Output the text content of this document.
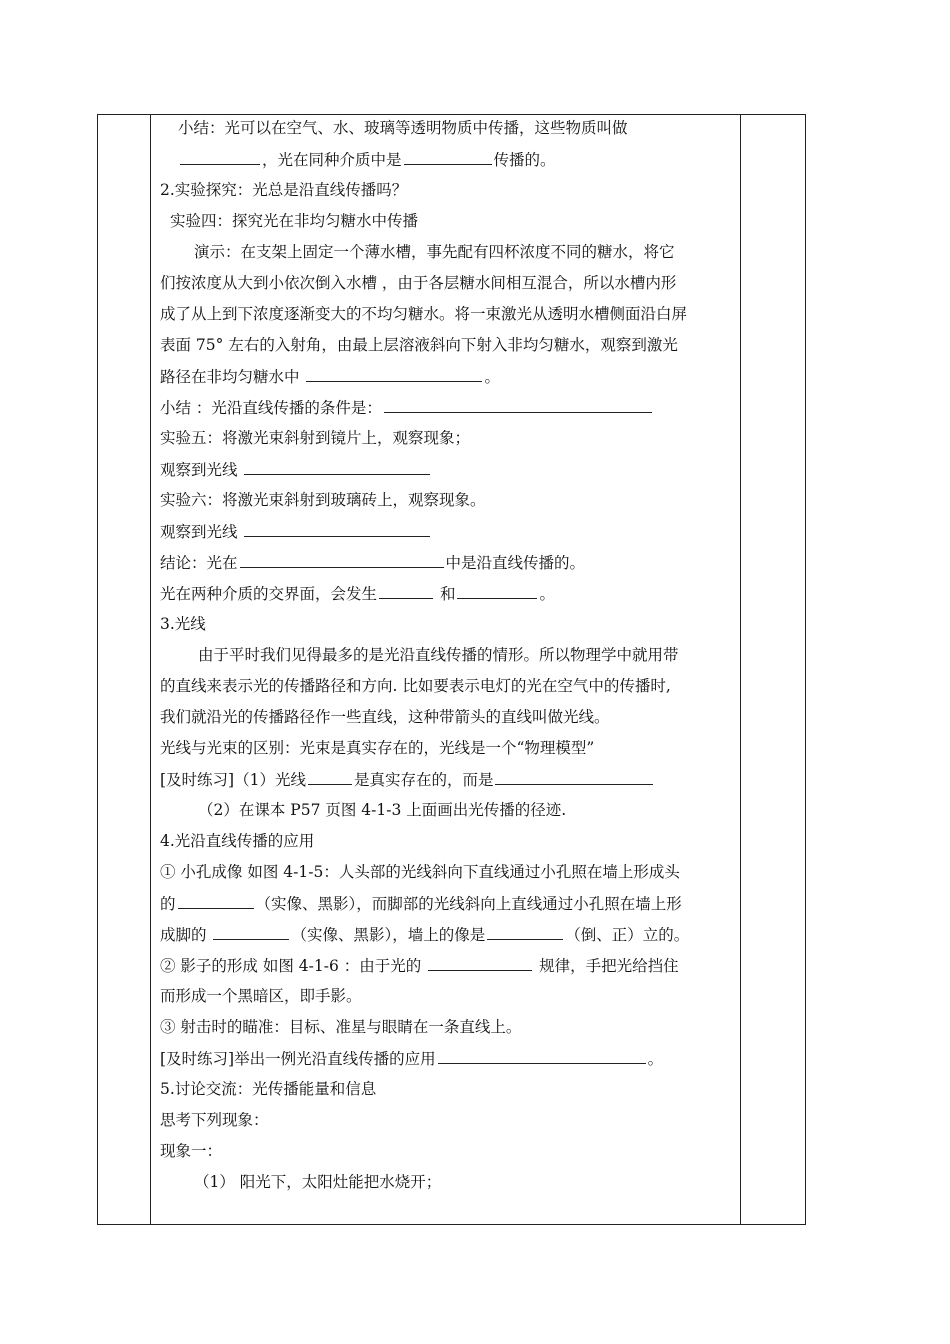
小结：光可以在空气、水、玻璃等透明物质中传播，这些物质叫做
，光在同种介质中是	传播的。
2.实验探究：光总是沿直线传播吗？
实验四：探究光在非均匀糖水中传播
演示：在支架上固定一个薄水槽，事先配有四杯浓度不同的糖水，将它
们按浓度从大到小依次倒入水槽 ，由于各层糖水间相互混合，所以水槽内形
成了从上到下浓度逐渐变大的不均匀糖水。将一束激光从透明水槽侧面沿白屏
表面 75° 左右的入射角，由最上层溶液斜向下射入非均匀糖水，观察到激光
路径在非均匀糖水中	。
小结 ：光沿直线传播的条件是：
实验五：将激光束斜射到镜片上，观察现象；
观察到光线
实验六：将激光束斜射到玻璃砖上，观察现象。
观察到光线
结论：光在	中是沿直线传播的。
光在两种介质的交界面，会发生	和	。
3.光线
由于平时我们见得最多的是光沿直线传播的情形。所以物理学中就用带
的直线来表示光的传播路径和方向. 比如要表示电灯的光在空气中的传播时,
我们就沿光的传播路径作一些直线，这种带箭头的直线叫做光线。
光线与光束的区别：光束是真实存在的，光线是一个“物理模型”
[及时练习]（1）光线	是真实存在的，而是
（2）在课本 P57 页图 4-1-3 上面画出光传播的径迹.
4.光沿直线传播的应用
① 小孔成像 如图 4-1-5：人头部的光线斜向下直线通过小孔照在墙上形成头
的	（实像、黑影），而脚部的光线斜向上直线通过小孔照在墙上形
成脚的	（实像、黑影），墙上的像是	（倒、正）立的。
② 影子的形成 如图 4-1-6 ：由于光的	规律，手把光给挡住
而形成一个黑暗区，即手影。
③ 射击时的瞄准：目标、准星与眼睛在一条直线上。
[及时练习]举出一例光沿直线传播的应用	。
5.讨论交流：光传播能量和信息
思考下列现象：
现象一：
（1） 阳光下，太阳灶能把水烧开；
